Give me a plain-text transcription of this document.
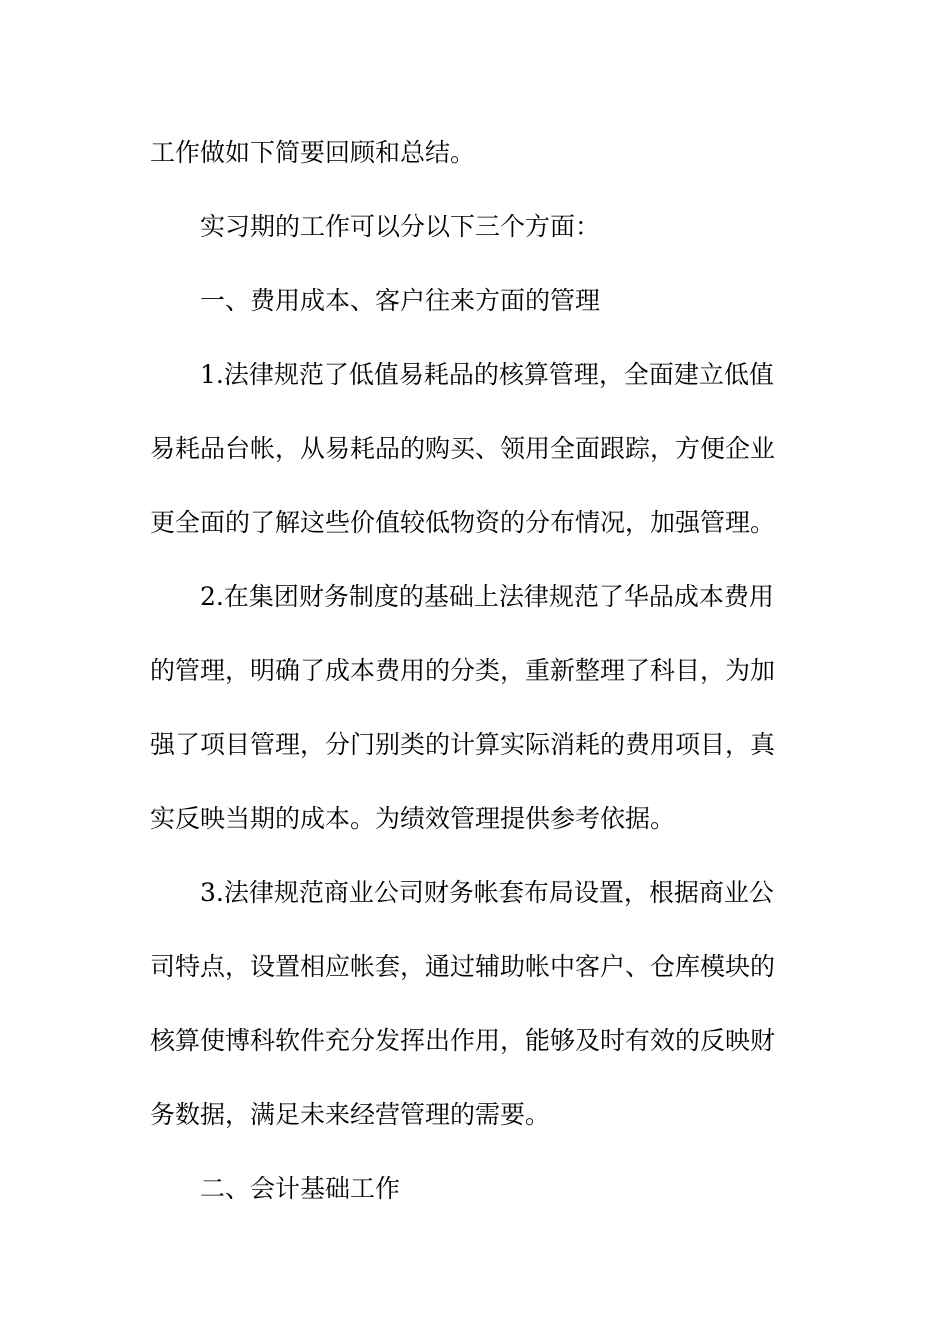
工作做如下简要回顾和总结。
实习期的工作可以分以下三个方面：
一、费用成本、客户往来方面的管理
1.法律规范了低值易耗品的核算管理，全面建立低值
易耗品台帐，从易耗品的购买、领用全面跟踪，方便企业
更全面的了解这些价值较低物资的分布情况，加强管理。
2.在集团财务制度的基础上法律规范了华品成本费用
的管理，明确了成本费用的分类，重新整理了科目，为加
强了项目管理，分门别类的计算实际消耗的费用项目，真
实反映当期的成本。为绩效管理提供参考依据。
3.法律规范商业公司财务帐套布局设置，根据商业公
司特点，设置相应帐套，通过辅助帐中客户、仓库模块的
核算使博科软件充分发挥出作用，能够及时有效的反映财
务数据，满足未来经营管理的需要。
二、会计基础工作
